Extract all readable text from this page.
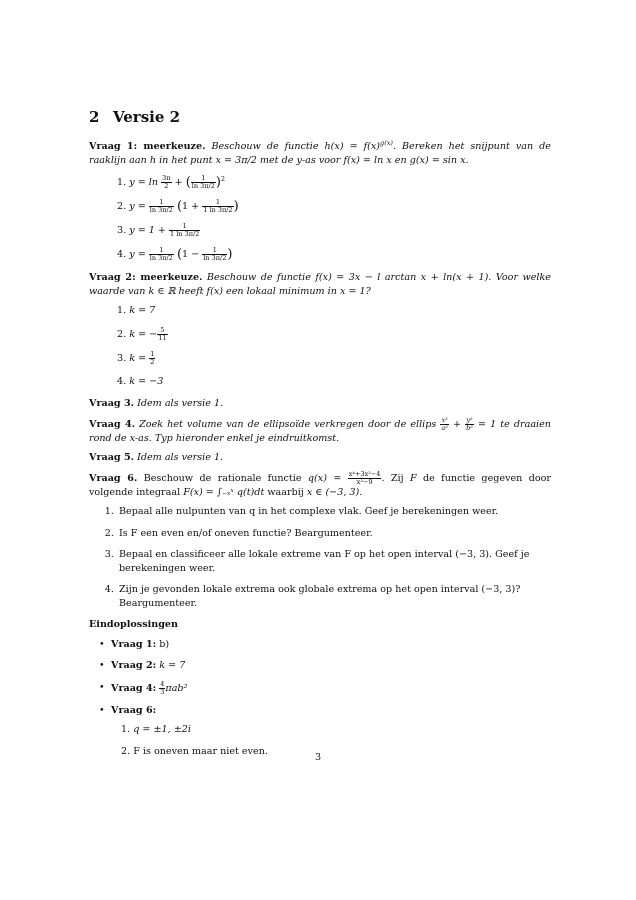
2 Versie 2

Vraag 1: meerkeuze. Beschouw de functie $h(x) = f(x)^{g(x)}$. Bereken het snijpunt van de raaklijn aan h in het punt x = 3π/2 met de y-as voor f(x) = ln x en g(x) = sin x.

1. $y = \ln \frac{3\pi}{2}$ + ( $\frac{1}{\ln 3\pi/2} )^2$
2. $y = \frac{1}{\ln 3\pi/2} (1 + \frac{1}{1 \ln 3\pi/2}$ )
3. $y = 1 + \frac{1}{1 \ln 3\pi/2}$
4. $y = \frac{1}{\ln 3\pi/2} (1 - \frac{1}{\ln 3\pi/2}$ )

Vraag 2: meerkeuze. Beschouw de functie f(x) = 3x − l arctan x + ln(x + 1). Voor welke waarde van k ∈ ℝ heeft f(x) een lokaal minimum in x = 1?

1. k = 7
2. k = − $\frac{5}{11}$
3. $k = \frac{1}{2}$
4. k = −3

Vraag 3. Idem als versie 1.

Vraag 4. Zoek het volume van de ellipsoïde verkregen door de ellips $\frac{\text{x²}}{\text{a²}} + \frac{\text{y²}}{\text{b²}} = 1$ te draaien rond de x-as. Typ hieronder enkel je eindruitkomst.

Vraag 5. Idem als versie 1.

Vraag 6. Beschouw de rationale functie $q(x) = \frac{\text{x⁴+3x²−4}}{\text{x²−9}}$ . Zij F de functie gegeven door volgende integraal F(x) = ∫₋ₓˣ q(t)dt waarbij x ∈ (−3, 3).

1. Bepaal alle nulpunten van q in het complexe vlak. Geef je berekeningen weer.
2. Is F een even en/of oneven functie? Beargumenteer.
3. Bepaal en classificeer alle lokale extreme van F op het open interval (−3, 3). Geef je berekeningen weer.
4. Zijn je gevonden lokale extrema ook globale extrema op het open interval (−3, 3)? Beargumenteer.

Eindoplossingen

• Vraag 1: b)
• Vraag 2: k = 7
• Vraag 4: $\frac{4}{3} \pi ab^2$
• Vraag 6:
1. q = ±1, ±2i
2. F is oneven maar niet even.
3
